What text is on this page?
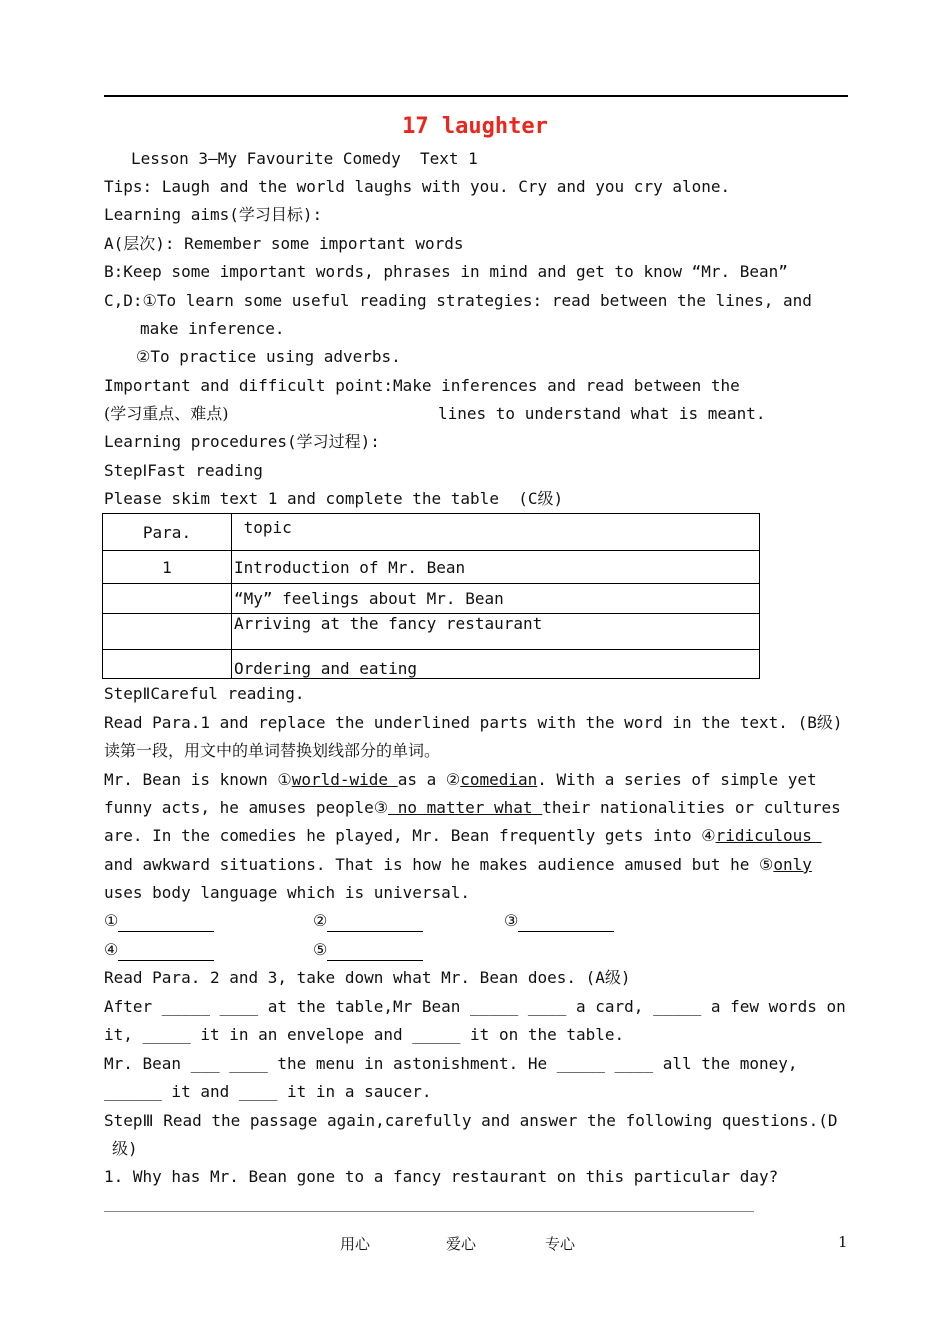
17 laughter
Lesson 3—My Favourite Comedy  Text 1
Tips: Laugh and the world laughs with you. Cry and you cry alone.
Learning aims(学习目标):
A(层次): Remember some important words
B:Keep some important words, phrases in mind and get to know “Mr. Bean”
C,D:①To learn some useful reading strategies: read between the lines, and
make inference.
②To practice using adverbs.
Important and difficult point:Make inferences and read between the
(学习重点、难点)	lines to understand what is meant.
Learning procedures(学习过程):
StepⅠFast reading
Please skim text 1 and complete the table  (C级)
Para.	topic
1	Introduction of Mr. Bean
	“My” feelings about Mr. Bean
	Arriving at the fancy restaurant
	Ordering and eating
StepⅡCareful reading.
Read Para.1 and replace the underlined parts with the word in the text. (B级)
读第一段，用文中的单词替换划线部分的单词。
Mr. Bean is known ①world-wide as a ②comedian. With a series of simple yet
funny acts, he amuses people③ no matter what their nationalities or cultures
are. In the comedies he played, Mr. Bean frequently gets into ④ridiculous
and awkward situations. That is how he makes audience amused but he ⑤only
uses body language which is universal.
①	②	③
④	⑤
Read Para. 2 and 3, take down what Mr. Bean does. (A级)
After _____ ____ at the table,Mr Bean _____ ____ a card, _____ a few words on
it, _____ it in an envelope and _____ it on the table.
Mr. Bean ___ ____ the menu in astonishment. He _____ ____ all the money,
______ it and ____ it in a saucer.
StepⅢ Read the passage again,carefully and answer the following questions.(D
级)
1. Why has Mr. Bean gone to a fancy restaurant on this particular day?
用心	爱心	专心	1
